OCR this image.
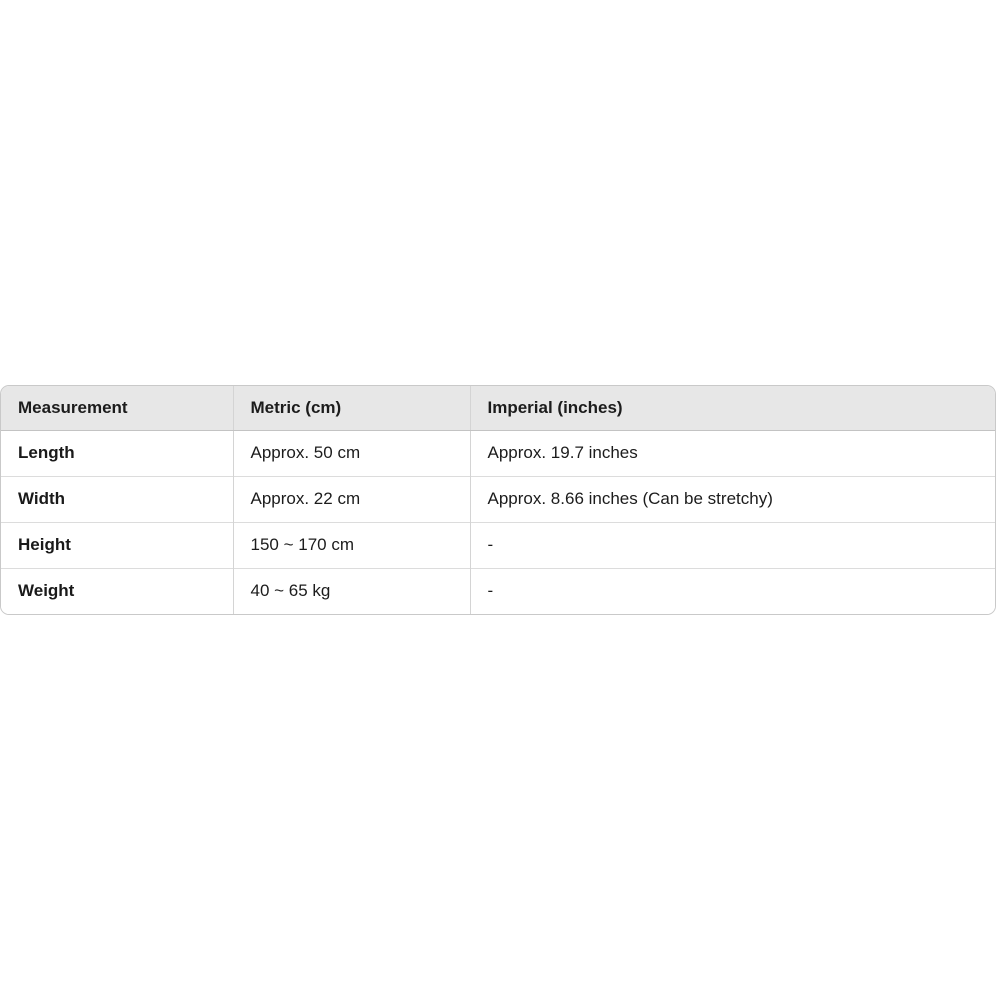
Measurement	Metric (cm)	Imperial (inches)
Length	Approx. 50 cm	Approx. 19.7 inches
Width	Approx. 22 cm	Approx. 8.66 inches (Can be stretchy)
Height	150 ~ 170 cm	-
Weight	40 ~ 65 kg	-
